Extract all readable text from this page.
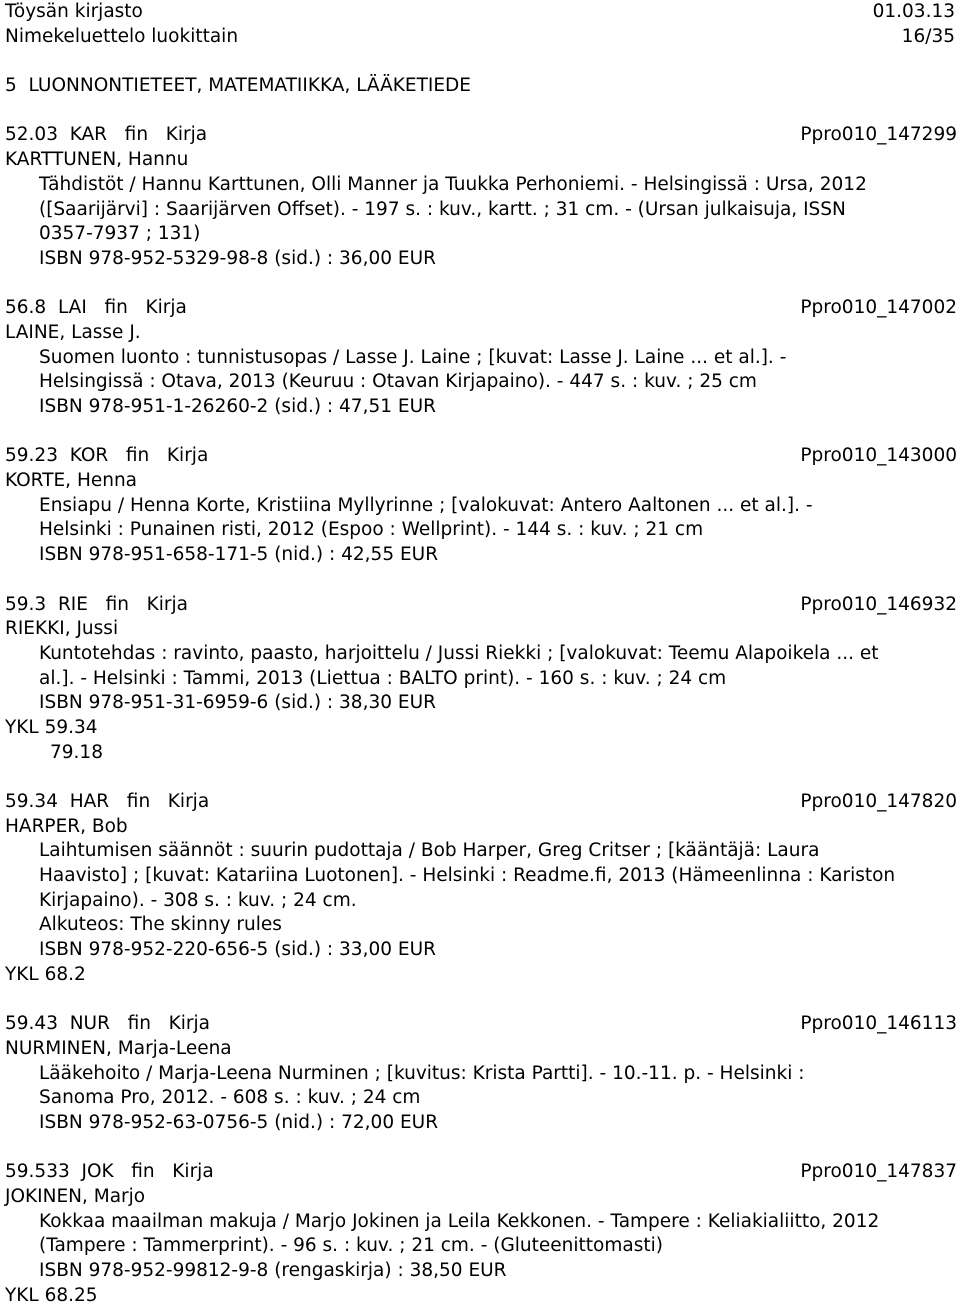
Töysän kirjasto	01.03.13
Nimekeluettelo luokittain	16/35
5  LUONNONTIETEET, MATEMATIIKKA, LÄÄKETIEDE
52.03  KAR   fin   Kirja	Ppro010_147299
KARTTUNEN, Hannu
Tähdistöt / Hannu Karttunen, Olli Manner ja Tuukka Perhoniemi. - Helsingissä : Ursa, 2012
([Saarijärvi] : Saarijärven Offset). - 197 s. : kuv., kartt. ; 31 cm. - (Ursan julkaisuja, ISSN
0357-7937 ; 131)
ISBN 978-952-5329-98-8 (sid.) : 36,00 EUR
56.8  LAI   fin   Kirja	Ppro010_147002
LAINE, Lasse J.
Suomen luonto : tunnistusopas / Lasse J. Laine ; [kuvat: Lasse J. Laine ... et al.]. -
Helsingissä : Otava, 2013 (Keuruu : Otavan Kirjapaino). - 447 s. : kuv. ; 25 cm
ISBN 978-951-1-26260-2 (sid.) : 47,51 EUR
59.23  KOR   fin   Kirja	Ppro010_143000
KORTE, Henna
Ensiapu / Henna Korte, Kristiina Myllyrinne ; [valokuvat: Antero Aaltonen ... et al.]. -
Helsinki : Punainen risti, 2012 (Espoo : Wellprint). - 144 s. : kuv. ; 21 cm
ISBN 978-951-658-171-5 (nid.) : 42,55 EUR
59.3  RIE   fin   Kirja	Ppro010_146932
RIEKKI, Jussi
Kuntotehdas : ravinto, paasto, harjoittelu / Jussi Riekki ; [valokuvat: Teemu Alapoikela ... et
al.]. - Helsinki : Tammi, 2013 (Liettua : BALTO print). - 160 s. : kuv. ; 24 cm
ISBN 978-951-31-6959-6 (sid.) : 38,30 EUR
YKL 59.34
79.18
59.34  HAR   fin   Kirja	Ppro010_147820
HARPER, Bob
Laihtumisen säännöt : suurin pudottaja / Bob Harper, Greg Critser ; [kääntäjä: Laura
Haavisto] ; [kuvat: Katariina Luotonen]. - Helsinki : Readme.fi, 2013 (Hämeenlinna : Kariston
Kirjapaino). - 308 s. : kuv. ; 24 cm.
Alkuteos: The skinny rules
ISBN 978-952-220-656-5 (sid.) : 33,00 EUR
YKL 68.2
59.43  NUR   fin   Kirja	Ppro010_146113
NURMINEN, Marja-Leena
Lääkehoito / Marja-Leena Nurminen ; [kuvitus: Krista Partti]. - 10.-11. p. - Helsinki :
Sanoma Pro, 2012. - 608 s. : kuv. ; 24 cm
ISBN 978-952-63-0756-5 (nid.) : 72,00 EUR
59.533  JOK   fin   Kirja	Ppro010_147837
JOKINEN, Marjo
Kokkaa maailman makuja / Marjo Jokinen ja Leila Kekkonen. - Tampere : Keliakialiitto, 2012
(Tampere : Tammerprint). - 96 s. : kuv. ; 21 cm. - (Gluteenittomasti)
ISBN 978-952-99812-9-8 (rengaskirja) : 38,50 EUR
YKL 68.25
